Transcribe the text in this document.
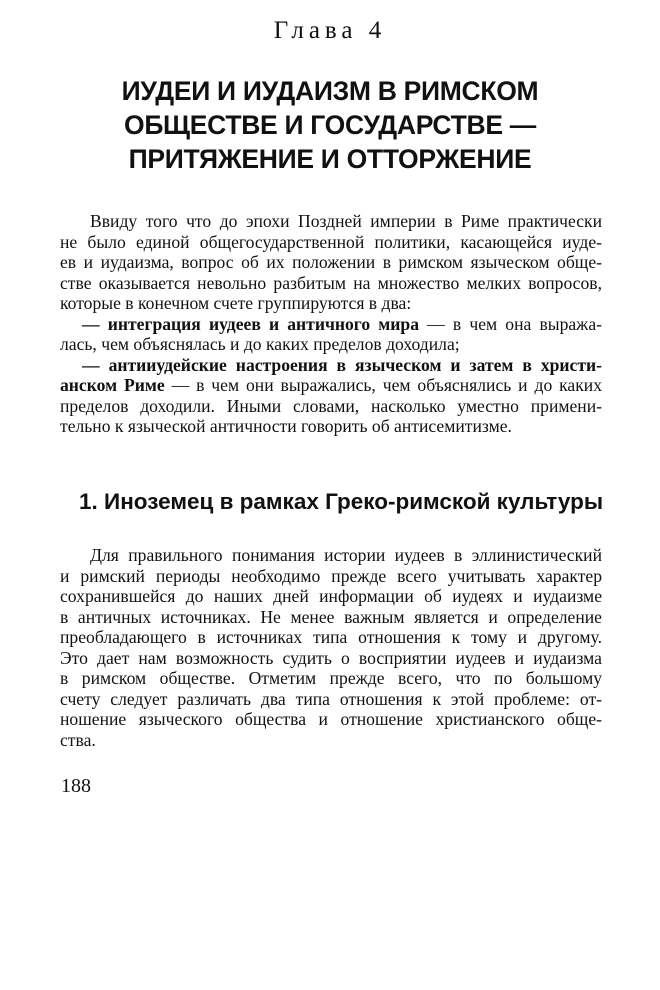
Глава 4
ИУДЕИ И ИУДАИЗМ В РИМСКОМ
ОБЩЕСТВЕ И ГОСУДАРСТВЕ —
ПРИТЯЖЕНИЕ И ОТТОРЖЕНИЕ
Ввиду того что до эпохи Поздней империи в Риме практически
не было единой общегосударственной политики, касающейся иуде-
ев и иудаизма, вопрос об их положении в римском языческом обще-
стве оказывается невольно разбитым на множество мелких вопросов,
которые в конечном счете группируются в два:
— интеграция иудеев и античного мира — в чем она выража-
лась, чем объяснялась и до каких пределов доходила;
— антииудейские настроения в языческом и затем в христи-
анском Риме — в чем они выражались, чем объяснялись и до каких
пределов доходили. Иными словами, насколько уместно примени-
тельно к языческой античности говорить об антисемитизме.
1. Иноземец в рамках Греко-римской культуры
Для правильного понимания истории иудеев в эллинистический
и римский периоды необходимо прежде всего учитывать характер
сохранившейся до наших дней информации об иудеях и иудаизме
в античных источниках. Не менее важным является и определение
преобладающего в источниках типа отношения к тому и другому.
Это дает нам возможность судить о восприятии иудеев и иудаизма
в римском обществе. Отметим прежде всего, что по большому
счету следует различать два типа отношения к этой проблеме: от-
ношение языческого общества и отношение христианского обще-
ства.
188
